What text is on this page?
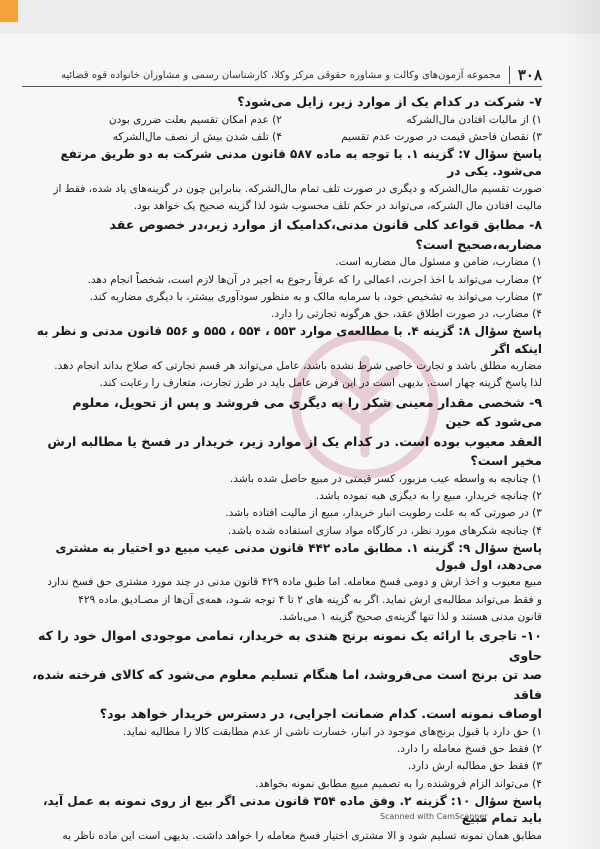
۳۰۸
مجموعه آزمون‌های وکالت و مشاوره حقوقی مرکز وکلا، کارشناسان رسمی و مشاوران خانواده قوه قضائیه

۷- شرکت در کدام یک از موارد زیر، زایل می‌شود؟

۱) از مالیات افتادن مال‌الشرکه
۲) عدم امکان تقسیم بعلت ضرری بودن

۳) نقصان فاحش قیمت در صورت عدم تقسیم
۴) تلف شدن بیش از نصف مال‌الشرکه

پاسخ سؤال ۷: گزینه ۱. با توجه به ماده ۵۸۷ قانون مدنی شرکت به دو طریق مرتفع می‌شود. یکی در

صورت تقسیم مال‌الشرکه و دیگری در صورت تلف تمام مال‌الشرکه. بنابراین چون در گزینه‌های یاد شده، فقط از

مالیت افتادن مال الشرکه، می‌تواند در حکم تلف محسوب شود لذا گزینه صحیح یک خواهد بود.

۸- مطابق قواعد کلی قانون مدنی،کدامیک از موارد زیر،در خصوص عقد مضاربه،صحیح است؟

۱) مضارب، ضامن و مسئول مال مضاربه است.

۲) مضارب می‌تواند با اخذ اجرت، اعمالی را که عرفاً رجوع به اجیر در آن‌ها لازم است، شخصاً انجام دهد.

۳) مضارب می‌تواند به تشخیص خود، با سرمایه مالک و به منظور سودآوری بیشتر، با دیگری مضاربه کند.

۴) مضارب، در صورت اطلاق عقد، حق هرگونه تجارتی را دارد.

پاسخ سؤال ۸: گزینه ۴. با مطالعه‌ی موارد ۵۵۳ ، ۵۵۴ ، ۵۵۵ و ۵۵۶ قانون مدنی و نظر به اینکه اگر

مضاربه مطلق باشد و تجارت خاصی شرط نشده باشد، عامل می‌تواند هر قسم تجارتی که صلاح بداند انجام دهد.

لذا پاسخ گزینه چهار است. بدیهی است در این فرض عامل باید در طرز تجارت، متعارف را رعایت کند.

۹- شخصی مقدار معینی شکر را به دیگری می فروشد و پس از تحویل، معلوم می‌شود که حین

العقد معیوب بوده است. در کدام یک از موارد زیر، خریدار در فسخ یا مطالبه ارش مخیر است؟

۱) چنانچه به واسطه عیب مزبور، کسر قیمتی در مبیع حاصل شده باشد.

۲) چنانچه خریدار، مبیع را به دیگری هبه نموده باشد.

۳) در صورتی که به علت رطوبت انبار خریدار، مبیع از مالیت افتاده باشد.

۴) چنانچه شکرهای مورد نظر، در کارگاه مواد سازی استفاده شده باشد.

پاسخ سؤال ۹: گزینه ۱. مطابق ماده ۴۴۲ قانون مدنی عیب مبیع دو اختیار به مشتری می‌دهد، اول قبول

مبیع معیوب و اخذ ارش و دومی فسخ معامله. اما طبق ماده ۴۲۹ قانون مدنی در چند مورد مشتری حق فسخ ندارد

و فقط می‌تواند مطالبه‌ی ارش نماید. اگر به گزینه های ۲ تا ۴ توجه شـود، همه‌ی آن‌ها از مصـادیق ماده ۴۲۹

قانون مدنی هستند و لذا تنها گزینه‌ی صحیح گزینه ۱ می‌باشد.

۱۰- تاجری با ارائه یک نمونه برنج هندی به خریدار، تمامی موجودی اموال خود را که حاوی

صد تن برنج است می‌فروشد، اما هنگام تسلیم معلوم می‌شود که کالای فرخته شده، فاقد

اوصاف نمونه است. کدام ضمانت اجرایی، در دسترس خریدار خواهد بود؟

۱) حق دارد با قبول برنج‌های موجود در انبار، خسارت ناشی از عدم مطابقت کالا را مطالبه نماید.

۲) فقط حق فسخ معامله را دارد.

۳) فقط حق مطالبه ارش دارد.

۴) می‌تواند الزام فروشنده را به تصمیم مبیع مطابق نمونه بخواهد.

پاسخ سؤال ۱۰: گزینه ۲. وفق ماده ۳۵۴ قانون مدنی اگر بیع از روی نمونه به عمل آید، باید تمام مبیع

مطابق همان نمونه تسلیم شود و الا مشتری اختیار فسخ معامله را خواهد داشت. بدیهی است این ماده ناظر به

Scanned with CamScanner
